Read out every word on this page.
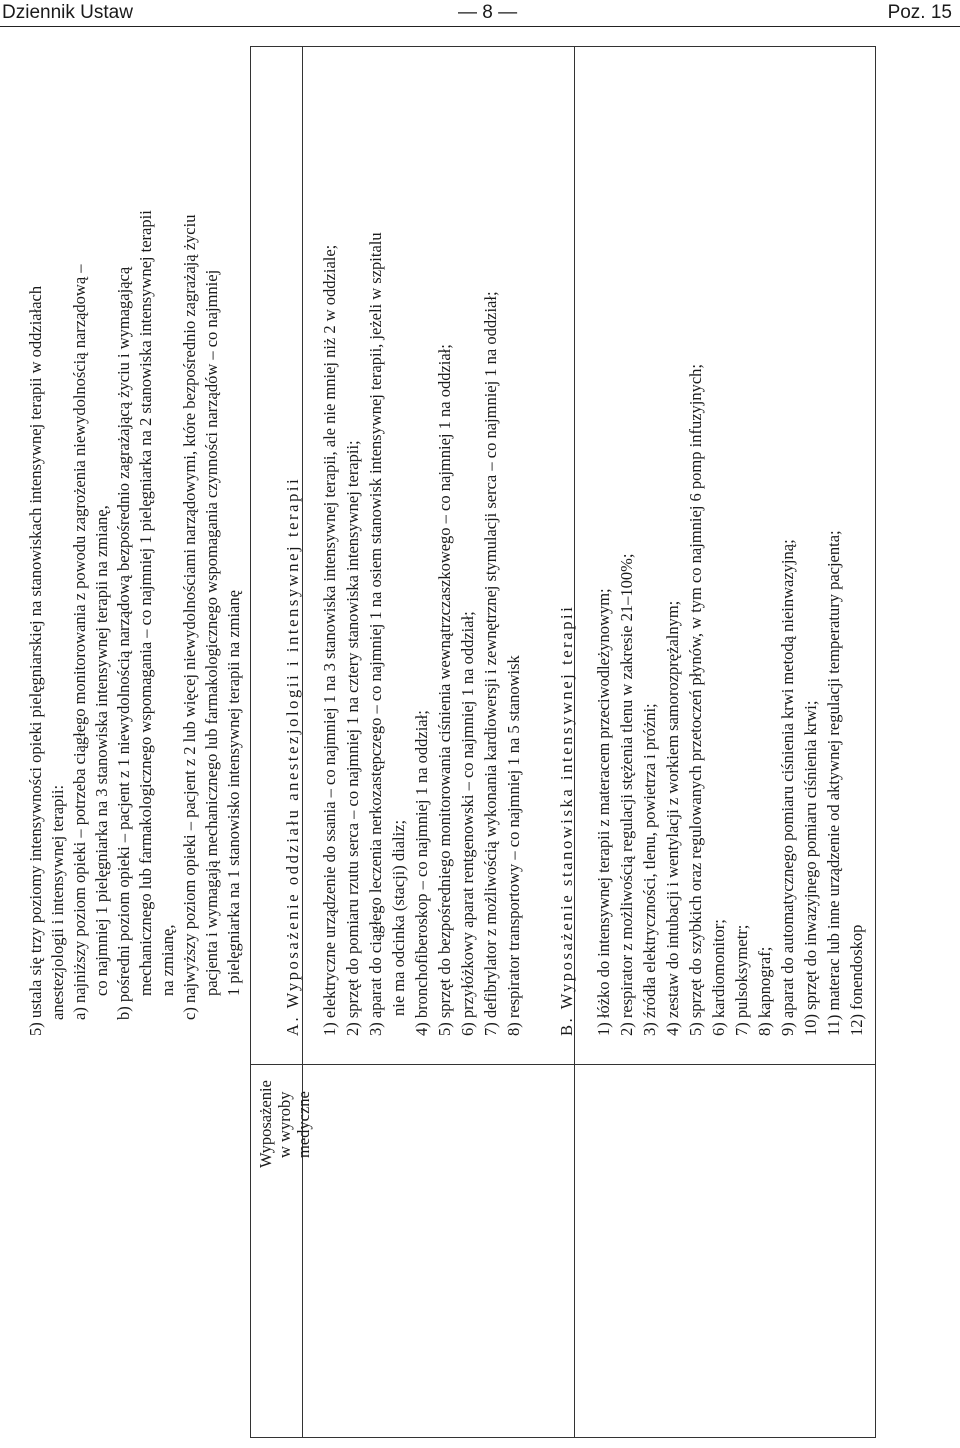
Dziennik Ustaw	— 8 —	Poz. 15
Wyposażenie w wyroby medyczne
5) ustala się trzy poziomy intensywności opieki pielęgniarskiej na stanowiskach intensywnej terapii w oddziałach anestezjologii i intensywnej terapii: a) najniższy poziom opieki – potrzeba ciągłego monitorowania z powodu zagrożenia niewydolnością narządową – co najmniej 1 pielęgniarka na 3 stanowiska intensywnej terapii na zmianę, b) pośredni poziom opieki – pacjent z 1 niewydolnością narządową bezpośrednio zagrażającą życiu i wymagającą mechanicznego lub farmakologicznego wspomagania – co najmniej 1 pielęgniarka na 2 stanowiska intensywnej terapii na zmianę, c) najwyższy poziom opieki – pacjent z 2 lub więcej niewydolnościami narządowymi, które bezpośrednio zagrażają życiu pacjenta i wymagają mechanicznego lub farmakologicznego wspomagania czynności narządów – co najmniej 1 pielęgniarka na 1 stanowisko intensywnej terapii na zmianę A. Wyposażenie oddziału anestezjologii i intensywnej terapii 1) elektryczne urządzenie do ssania – co najmniej 1 na 3 stanowiska intensywnej terapii, ale nie mniej niż 2 w oddziale; 2) sprzęt do pomiaru rzutu serca – co najmniej 1 na cztery stanowiska intensywnej terapii; 3) aparat do ciągłego leczenia nerkozastępczego – co najmniej 1 na osiem stanowisk intensywnej terapii, jeżeli w szpitalu nie ma odcinka (stacji) dializ; 4) bronchofiberoskop – co najmniej 1 na oddział; 5) sprzęt do bezpośredniego monitorowania ciśnienia wewnątrzczaszkowego – co najmniej 1 na oddział; 6) przyłóżkowy aparat rentgenowski – co najmniej 1 na oddział; 7) defibrylator z możliwością wykonania kardiowersji i zewnętrznej stymulacji serca – co najmniej 1 na oddział; 8) respirator transportowy – co najmniej 1 na 5 stanowisk B. Wyposażenie stanowiska intensywnej terapii 1) łóżko do intensywnej terapii z materacem przeciwodleżynowym; 2) respirator z możliwością regulacji stężenia tlenu w zakresie 21–100%; 3) źródła elektryczności, tlenu, powietrza i próżni; 4) zestaw do intubacji i wentylacji z workiem samorozprężalnym; 5) sprzęt do szybkich oraz regulowanych przetoczeń płynów, w tym co najmniej 6 pomp infuzyjnych; 6) kardiomonitor; 7) pulsoksymetr; 8) kapnograf; 9) aparat do automatycznego pomiaru ciśnienia krwi metodą nieinwazyjną; 10) sprzęt do inwazyjnego pomiaru ciśnienia krwi; 11) materac lub inne urządzenie od aktywnej regulacji temperatury pacjenta; 12) fonendoskop
